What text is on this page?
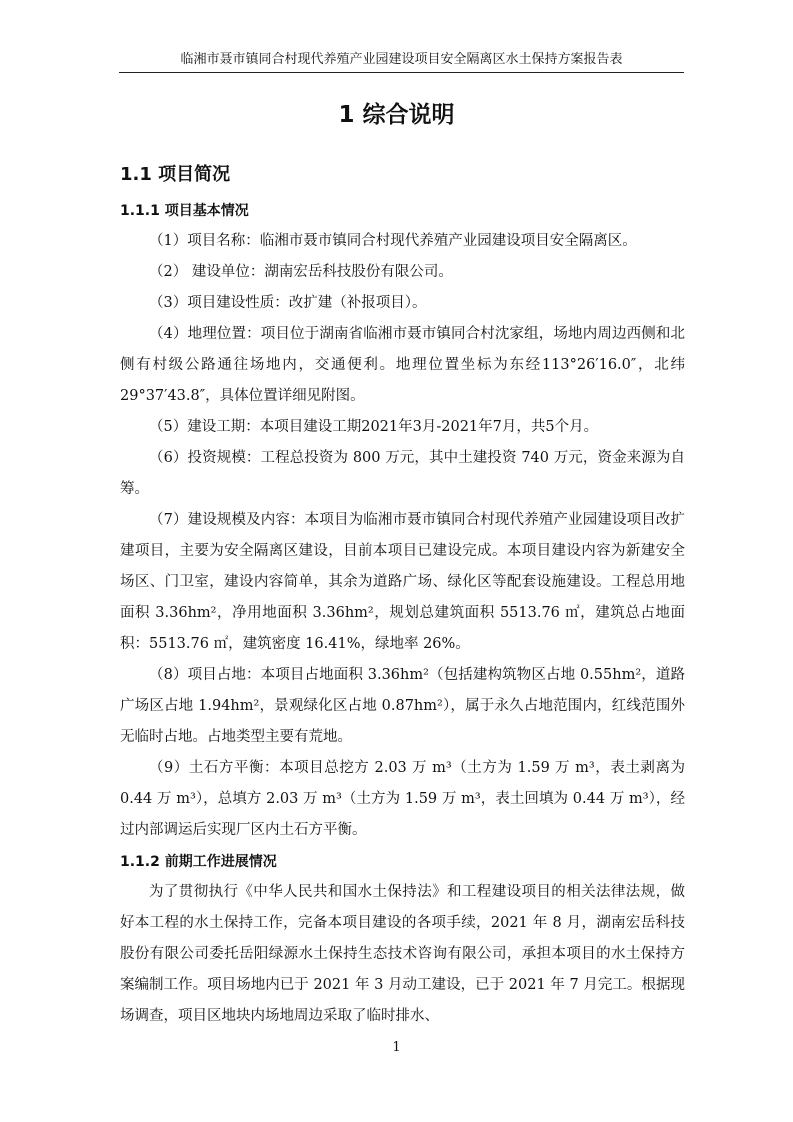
临湘市聂市镇同合村现代养殖产业园建设项目安全隔离区水土保持方案报告表
1 综合说明
1.1 项目简况
1.1.1 项目基本情况

（1）项目名称：临湘市聂市镇同合村现代养殖产业园建设项目安全隔离区。

（2） 建设单位：湖南宏岳科技股份有限公司。

（3）项目建设性质：改扩建（补报项目）。

（4）地理位置：项目位于湖南省临湘市聂市镇同合村沈家组，场地内周边西侧和北侧有村级公路通往场地内，交通便利。地理位置坐标为东经113°26′16.0″，北纬29°37′43.8″，具体位置详细见附图。

（5）建设工期：本项目建设工期2021年3月-2021年7月，共5个月。

（6）投资规模：工程总投资为 800 万元，其中土建投资 740 万元，资金来源为自筹。

（7）建设规模及内容：本项目为临湘市聂市镇同合村现代养殖产业园建设项目改扩建项目，主要为安全隔离区建设，目前本项目已建设完成。本项目建设内容为新建安全场区、门卫室，建设内容简单，其余为道路广场、绿化区等配套设施建设。工程总用地面积 3.36hm²，净用地面积 3.36hm²，规划总建筑面积 5513.76 ㎡，建筑总占地面积：5513.76 ㎡，建筑密度 16.41%，绿地率 26%。

（8）项目占地：本项目占地面积 3.36hm²（包括建构筑物区占地 0.55hm²，道路广场区占地 1.94hm²，景观绿化区占地 0.87hm²），属于永久占地范围内，红线范围外无临时占地。占地类型主要有荒地。

（9）土石方平衡：本项目总挖方 2.03 万 m³（土方为 1.59 万 m³，表土剥离为 0.44 万 m³），总填方 2.03 万 m³（土方为 1.59 万 m³，表土回填为 0.44 万 m³），经过内部调运后实现厂区内土石方平衡。

1.1.2 前期工作进展情况

为了贯彻执行《中华人民共和国水土保持法》和工程建设项目的相关法律法规，做好本工程的水土保持工作，完备本项目建设的各项手续，2021 年 8 月，湖南宏岳科技股份有限公司委托岳阳绿源水土保持生态技术咨询有限公司，承担本项目的水土保持方案编制工作。项目场地内已于 2021 年 3 月动工建设，已于 2021 年 7 月完工。根据现场调查，项目区地块内场地周边采取了临时排水、

1
